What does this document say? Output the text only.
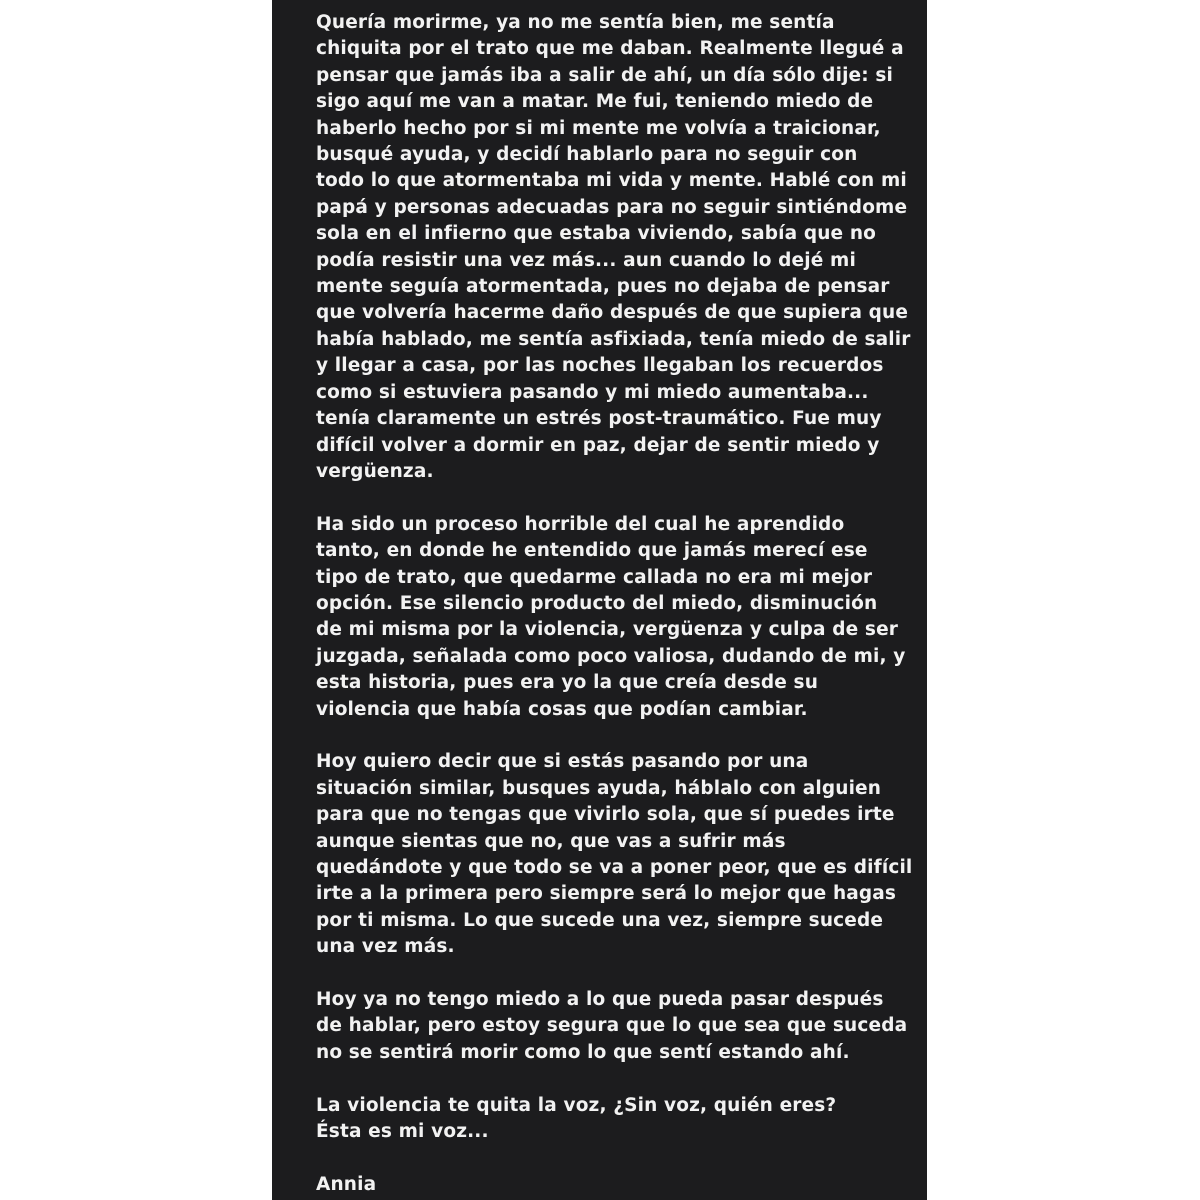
Quería morirme, ya no me sentía bien, me sentía
chiquita por el trato que me daban. Realmente llegué a
pensar que jamás iba a salir de ahí, un día sólo dije: si
sigo aquí me van a matar. Me fui, teniendo miedo de
haberlo hecho por si mi mente me volvía a traicionar,
busqué ayuda, y decidí hablarlo para no seguir con
todo lo que atormentaba mi vida y mente. Hablé con mi
papá y personas adecuadas para no seguir sintiéndome
sola en el infierno que estaba viviendo, sabía que no
podía resistir una vez más... aun cuando lo dejé mi
mente seguía atormentada, pues no dejaba de pensar
que volvería hacerme daño después de que supiera que
había hablado, me sentía asfixiada, tenía miedo de salir
y llegar a casa, por las noches llegaban los recuerdos
como si estuviera pasando y mi miedo aumentaba...
tenía claramente un estrés post-traumático. Fue muy
difícil volver a dormir en paz, dejar de sentir miedo y
vergüenza.

Ha sido un proceso horrible del cual he aprendido
tanto, en donde he entendido que jamás merecí ese
tipo de trato, que quedarme callada no era mi mejor
opción. Ese silencio producto del miedo, disminución
de mi misma por la violencia, vergüenza y culpa de ser
juzgada, señalada como poco valiosa, dudando de mi, y
esta historia, pues era yo la que creía desde su
violencia que había cosas que podían cambiar.

Hoy quiero decir que si estás pasando por una
situación similar, busques ayuda, háblalo con alguien
para que no tengas que vivirlo sola, que sí puedes irte
aunque sientas que no, que vas a sufrir más
quedándote y que todo se va a poner peor, que es difícil
irte a la primera pero siempre será lo mejor que hagas
por ti misma. Lo que sucede una vez, siempre sucede
una vez más.

Hoy ya no tengo miedo a lo que pueda pasar después
de hablar, pero estoy segura que lo que sea que suceda
no se sentirá morir como lo que sentí estando ahí.

La violencia te quita la voz, ¿Sin voz, quién eres?
Ésta es mi voz...

Annia
